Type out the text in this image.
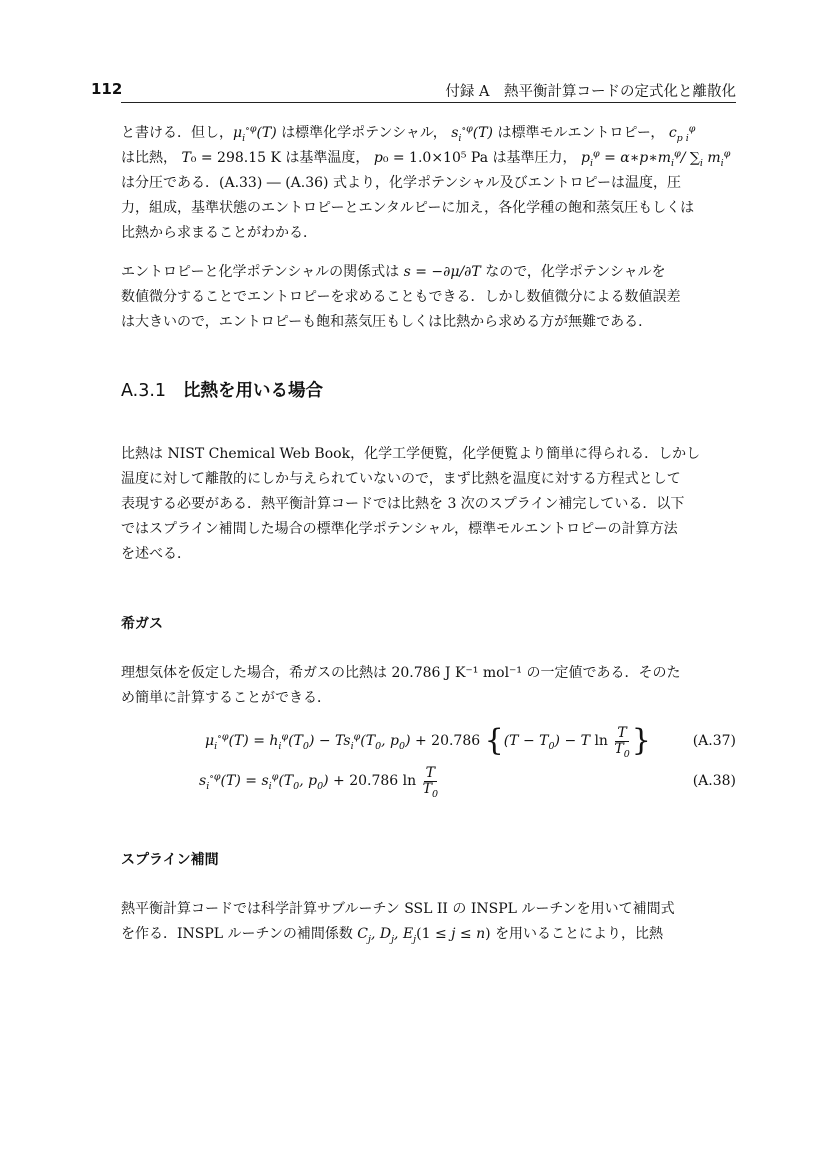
112	付録 A　熱平衡計算コードの定式化と離散化

と書ける．但し，$\mu_i^{\circ\varphi}(T)$ は標準化学ポテンシャル， $s_i^{\circ\varphi}(T)$ は標準モルエントロピー， $c_{p i}^\varphi$

は比熱， T₀ = 298.15 K は基準温度， p₀ = 1.0×10⁵ Pa は基準圧力， $p_i^\varphi$ = $\alpha∗p∗m_i^\varphi/$ $\sum_i$ $m_i^\varphi$

は分圧である．(A.33) ― (A.36) 式より，化学ポテンシャル及びエントロピーは温度，圧

力，組成，基準状態のエントロピーとエンタルピーに加え，各化学種の飽和蒸気圧もしくは

比熱から求まることがわかる．

エントロピーと化学ポテンシャルの関係式は s = −∂μ/∂T なので，化学ポテンシャルを

数値微分することでエントロピーを求めることもできる．しかし数値微分による数値誤差

は大きいので，エントロピーも飽和蒸気圧もしくは比熱から求める方が無難である．

A.3.1 比熱を用いる場合

比熱は NIST Chemical Web Book，化学工学便覧，化学便覧より簡単に得られる．しかし

温度に対して離散的にしか与えられていないので，まず比熱を温度に対する方程式として

表現する必要がある．熱平衡計算コードでは比熱を 3 次のスプライン補完している．以下

ではスプライン補間した場合の標準化学ポテンシャル，標準モルエントロピーの計算方法

を述べる．

希ガス

理想気体を仮定した場合，希ガスの比熱は 20.786 J K⁻¹ mol⁻¹ の一定値である．そのた

め簡単に計算することができる．

$\mu_i^{\circ\varphi}(T) = h_i^\varphi(T_0) - Ts_i^\varphi(T_0$, $p_0) + 20.786$ {$(T - T_0) - T$ $\ln \frac{T}{T_0}$ }	(A.37)
$s_i^{\circ\varphi}(T) = s_i^\varphi(T_0$, $p_0) + 20.786$ $\ln \frac{T}{T_0}$	(A.38)
スプライン補間

熱平衡計算コードでは科学計算サブルーチン SSL II の INSPL ルーチンを用いて補間式

を作る．INSPL ルーチンの補間係数 $C_j$, $D_j$, $E_j(1 \le j \le n)$ を用いることにより，比熱
